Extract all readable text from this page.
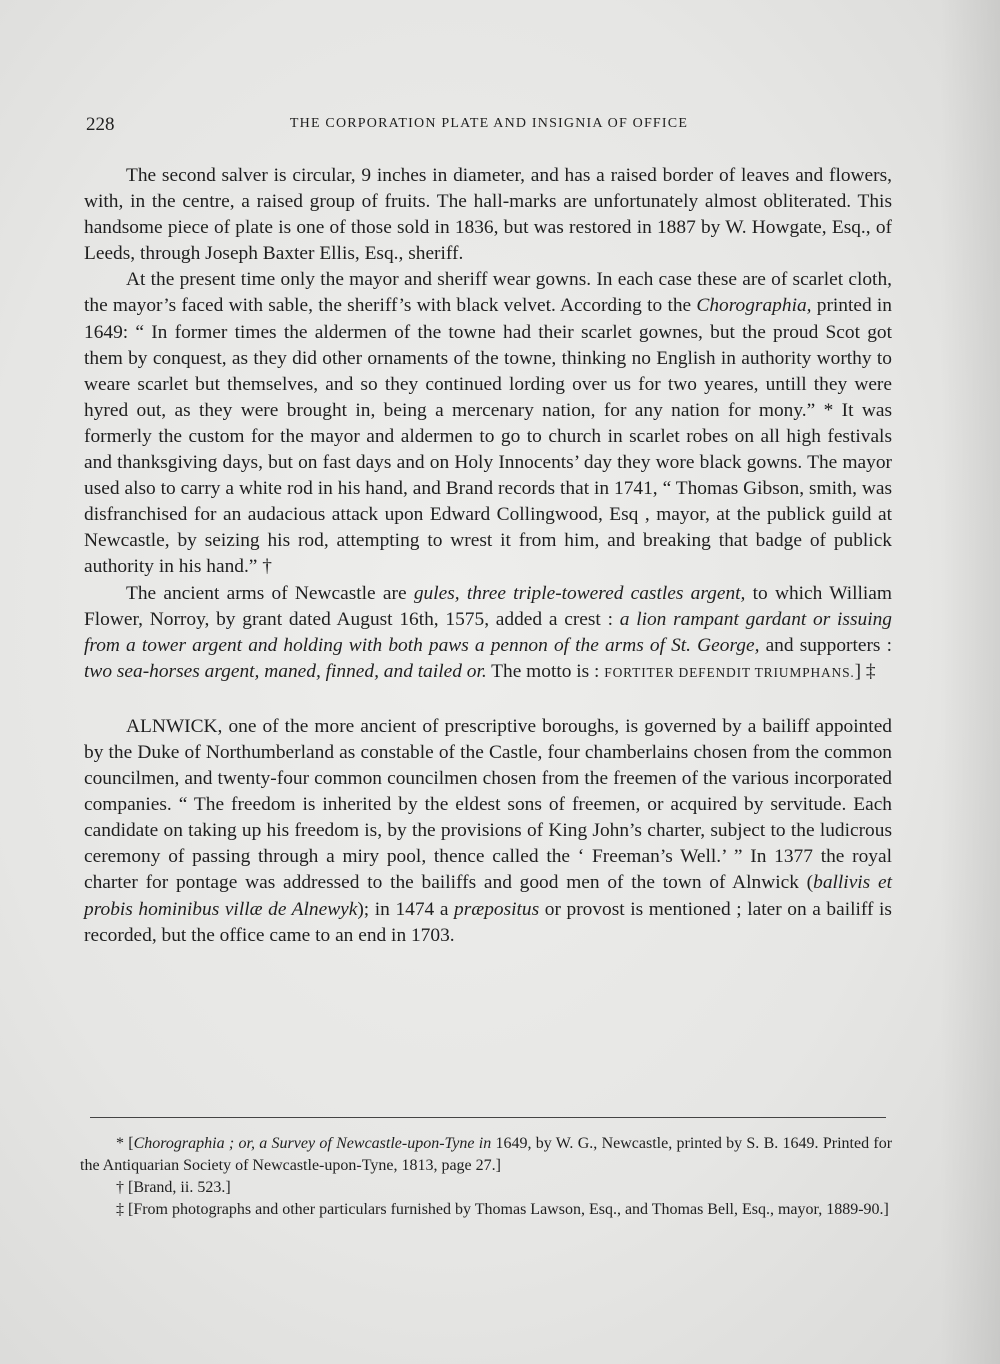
228	THE CORPORATION PLATE AND INSIGNIA OF OFFICE

The second salver is circular, 9 inches in diameter, and has a raised border of leaves and flowers, with, in the centre, a raised group of fruits. The hall-marks are unfortunately almost obliterated. This handsome piece of plate is one of those sold in 1836, but was restored in 1887 by W. Howgate, Esq., of Leeds, through Joseph Baxter Ellis, Esq., sheriff.

At the present time only the mayor and sheriff wear gowns. In each case these are of scarlet cloth, the mayor’s faced with sable, the sheriff’s with black velvet. According to the Chorographia, printed in 1649: “ In former times the aldermen of the towne had their scarlet gownes, but the proud Scot got them by conquest, as they did other ornaments of the towne, thinking no English in authority worthy to weare scarlet but themselves, and so they continued lording over us for two yeares, untill they were hyred out, as they were brought in, being a mercenary nation, for any nation for mony.” * It was formerly the custom for the mayor and aldermen to go to church in scarlet robes on all high festivals and thanksgiving days, but on fast days and on Holy Innocents’ day they wore black gowns. The mayor used also to carry a white rod in his hand, and Brand records that in 1741, “ Thomas Gibson, smith, was disfranchised for an audacious attack upon Edward Collingwood, Esq , mayor, at the publick guild at Newcastle, by seizing his rod, attempting to wrest it from him, and breaking that badge of publick authority in his hand.” †

The ancient arms of Newcastle are gules, three triple-towered castles argent, to which William Flower, Norroy, by grant dated August 16th, 1575, added a crest : a lion rampant gardant or issuing from a tower argent and holding with both paws a pennon of the arms of St. George, and supporters : two sea-horses argent, maned, finned, and tailed or. The motto is : FORTITER DEFENDIT TRIUMPHANS.] ‡

ALNWICK, one of the more ancient of prescriptive boroughs, is governed by a bailiff appointed by the Duke of Northumberland as constable of the Castle, four chamberlains chosen from the common councilmen, and twenty-four common councilmen chosen from the freemen of the various incorporated companies. “ The freedom is inherited by the eldest sons of freemen, or acquired by servitude. Each candidate on taking up his freedom is, by the provisions of King John’s charter, subject to the ludicrous ceremony of passing through a miry pool, thence called the ‘ Freeman’s Well.’ ” In 1377 the royal charter for pontage was addressed to the bailiffs and good men of the town of Alnwick (ballivis et probis hominibus villæ de Alnewyk); in 1474 a præpositus or provost is mentioned ; later on a bailiff is recorded, but the office came to an end in 1703.

* [Chorographia ; or, a Survey of Newcastle-upon-Tyne in 1649, by W. G., Newcastle, printed by S. B. 1649. Printed for the Antiquarian Society of Newcastle-upon-Tyne, 1813, page 27.]

† [Brand, ii. 523.]

‡ [From photographs and other particulars furnished by Thomas Lawson, Esq., and Thomas Bell, Esq., mayor, 1889-90.]
